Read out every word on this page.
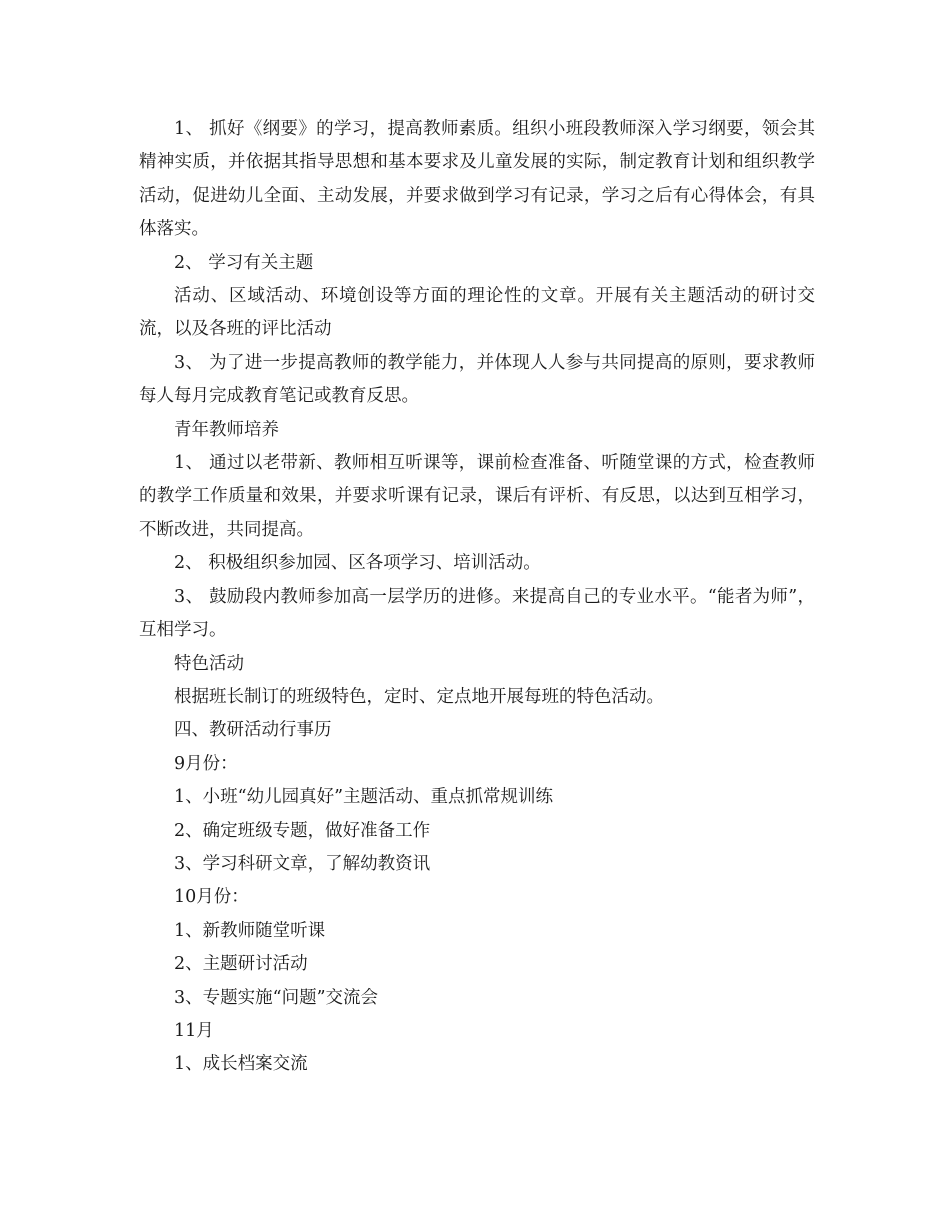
1、 抓好《纲要》的学习，提高教师素质。组织小班段教师深入学习纲要，领会其精神实质，并依据其指导思想和基本要求及儿童发展的实际，制定教育计划和组织教学活动，促进幼儿全面、主动发展，并要求做到学习有记录，学习之后有心得体会，有具体落实。

2、 学习有关主题

活动、区域活动、环境创设等方面的理论性的文章。开展有关主题活动的研讨交流，以及各班的评比活动

3、 为了进一步提高教师的教学能力，并体现人人参与共同提高的原则，要求教师每人每月完成教育笔记或教育反思。

青年教师培养

1、 通过以老带新、教师相互听课等，课前检查准备、听随堂课的方式，检查教师的教学工作质量和效果，并要求听课有记录，课后有评析、有反思，以达到互相学习，不断改进，共同提高。

2、 积极组织参加园、区各项学习、培训活动。

3、 鼓励段内教师参加高一层学历的进修。来提高自己的专业水平。“能者为师”，互相学习。

特色活动

根据班长制订的班级特色，定时、定点地开展每班的特色活动。

四、教研活动行事历

9月份：

1、小班“幼儿园真好”主题活动、重点抓常规训练

2、确定班级专题，做好准备工作

3、学习科研文章，了解幼教资讯

10月份：

1、新教师随堂听课

2、主题研讨活动

3、专题实施“问题”交流会

11月

1、成长档案交流
